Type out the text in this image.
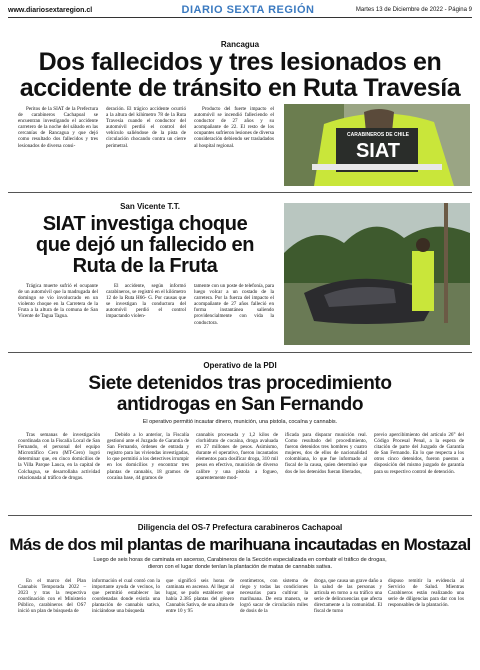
www.diariosextaregion.cl	DIARIO SEXTA REGIÓN	Martes 13 de Diciembre de 2022 - Página 9
Rancagua
Dos fallecidos y tres lesionados en
accidente de tránsito en Ruta Travesía
Peritos de la SIAT de la Prefectura de carabineros Cachapoal se encuentran investigando el accidente carretero de la noche del sábado en las cercanías de Rancagua y que dejó como resultado dos fallecidos y tres lesionados de diversa consi-
deración. El trágico accidente ocurrió a la altura del kilómetro 78 de la Ruta Travesía cuando el conductor del automóvil perdió el control del vehículo saliéndose de la pista de circulación chocando contra un cierre perimetral.
Producto del fuerte impacto el automóvil se incendió falleciendo el conductor de 27 años y su acompañante de 22. El resto de los ocupantes sufrieron lesiones de diversa consideración debiendo ser trasladados al hospital regional.
CARABINEROS DE CHILE
SIAT
San Vicente T.T.
SIAT investiga choque
que dejó un fallecido en
Ruta de la Fruta
Trágica muerte sufrió el ocupante de un automóvil que la madrugada del domingo se vio involucrado en un violento choque en la Carretera de la Fruta a la altura de la comuna de San Vicente de Tagua Tagua.
El accidente, según informó carabineros, se registró en el kilómetro 12 de la Ruta H66- G. Por causas que se investigan la conductora del automóvil perdió el control impactando violen-
tamente con un poste de telefonía, para luego volcar a un costado de la carretera. Por la fuerza del impacto el acompañante de 27 años falleció en forma instantánea saliendo providencialmente con vida la conductora.
Operativo de la PDI
Siete detenidos tras procedimiento
antidrogas en San Fernando
El operativo permitió incautar dinero, munición, una pistola, cocaína y cannabis.
Tras semanas de investigación coordinada con la Fiscalía Local de San Fernando, el personal del equipo Microtráfico Cero (MT-Cero) logró determinar que, en cinco domicilios de la Villa Parque Lauca, en la capital de Colchagua, se desarrollaba actividad relacionada al tráfico de drogas.
Debido a lo anterior, la Fiscalía gestionó ante el Juzgado de Garantía de San Fernando, órdenes de entrada y registro para las viviendas investigadas, lo que permitió a los detectives irrumpir en los domicilios y encontrar tres plantas de cannabis, 18 gramos de cocaína base, 44 gramos de
cannabis procesada y 1,2 kilos de clorhidrato de cocaína, droga avaluada en 27 millones de pesos. Asimismo, durante el operativo, fueron incautados elementos para dosificar droga, 310 mil pesos en efectivo, munición de diverso calibre y una pistola a fogueo, aparentemente mod-
ificada para disparar munición real. Como resultado del procedimiento, fueron detenidos tres hombres y cuatro mujeres, dos de ellos de nacionalidad colombiana, lo que fue informado al fiscal de la causa, quien determinó que dos de los detenidos fueran liberados,
previo apercibimiento del artículo 26° del Código Procesal Penal, a la espera de citación de parte del Juzgado de Garantía de San Fernando. En lo que respecta a los otros cinco detenidos, fueron puestos a disposición del mismo juzgado de garantía para su respectivo control de detención.
Diligencia del OS-7 Prefectura carabineros Cachapoal
Más de dos mil plantas de marihuana incautadas en Mostazal
Luego de seis horas de caminata en ascenso, Carabineros de la Sección especializada en combatir el tráfico de drogas,
dieron con el lugar donde tenían la plantación de matas de cannabis sativa.
En el marco del Plan Cannabis Temporada 2022 – 2023 y tras la respectiva coordinación con el Ministerio Público, carabineros del OS7 inició un plan de búsqueda de
información el cual contó con la importante ayuda de vecinos, lo que permitió establecer las coordenadas donde existía una plantación de cannabis sativa, iniciándose una búsqueda
que significó seis horas de caminata en ascenso. Al llegar al lugar, se pudo establecer que había 2.385 plantas del género Cannabis Sativa, de una altura de entre 10 y 95
centímetros, con sistema de riego y todas las condiciones necesarias para cultivar la marihuana. De esta manera, se logró sacar de circulación miles de dosis de la
droga, que causa un grave daño a la salud de las personas y articula en torno a su tráfico una serie de delincuencias que afecta directamente a la comunidad. El fiscal de turno
dispuso remitir la evidencia al Servicio de Salud. Mientras Carabineros están realizando una serie de diligencias para dar con los responsables de la plantación.
